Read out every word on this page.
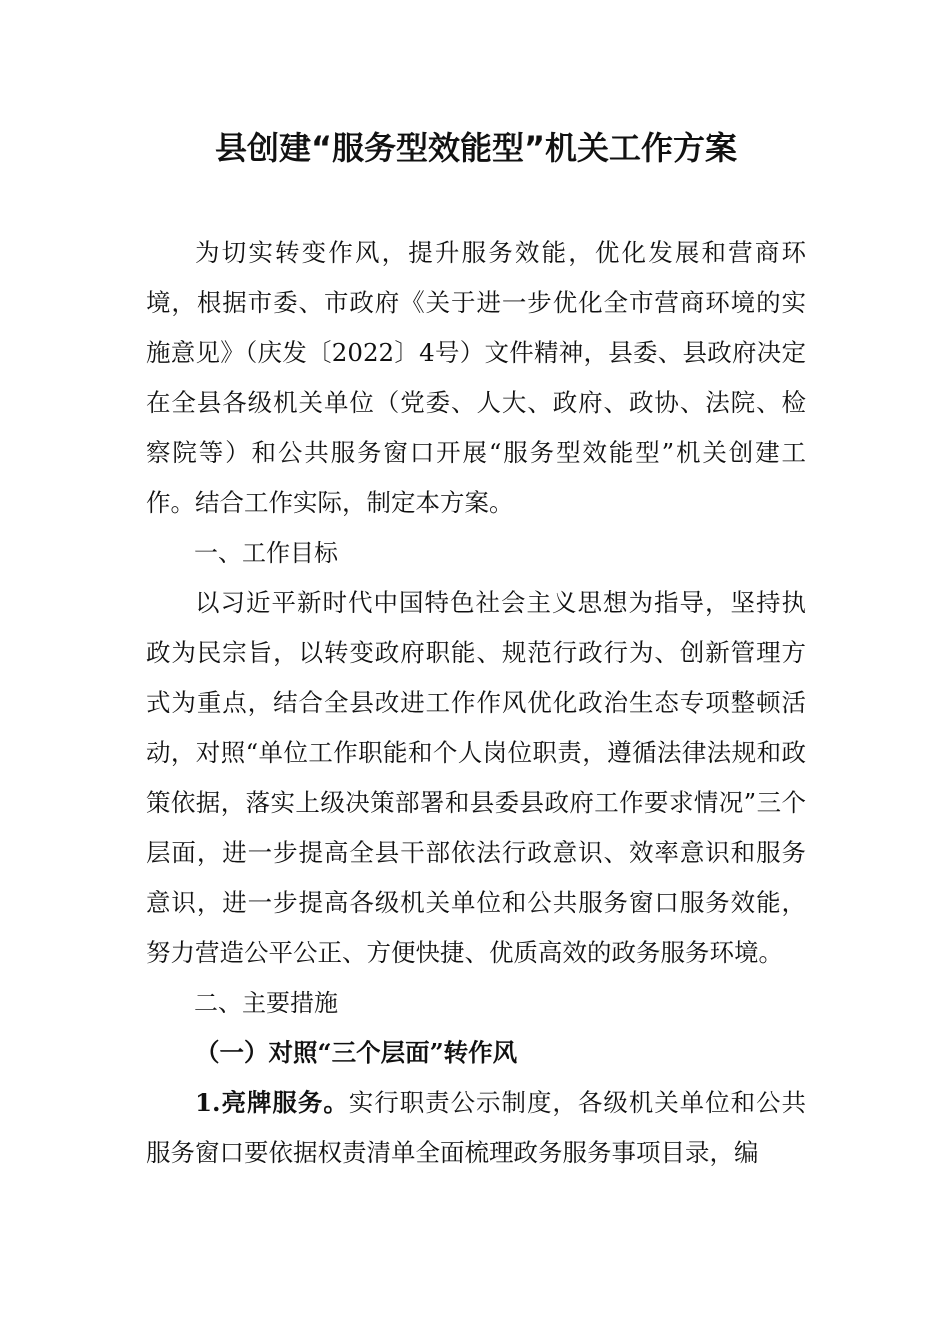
县创建“服务型效能型”机关工作方案

为切实转变作风，提升服务效能，优化发展和营商环境，根据市委、市政府《关于进一步优化全市营商环境的实施意见》（庆发〔2022〕4号）文件精神，县委、县政府决定在全县各级机关单位（党委、人大、政府、政协、法院、检察院等）和公共服务窗口开展“服务型效能型”机关创建工作。结合工作实际，制定本方案。

一、工作目标

以习近平新时代中国特色社会主义思想为指导，坚持执政为民宗旨，以转变政府职能、规范行政行为、创新管理方式为重点，结合全县改进工作作风优化政治生态专项整顿活动，对照“单位工作职能和个人岗位职责，遵循法律法规和政策依据，落实上级决策部署和县委县政府工作要求情况”三个层面，进一步提高全县干部依法行政意识、效率意识和服务意识，进一步提高各级机关单位和公共服务窗口服务效能，努力营造公平公正、方便快捷、优质高效的政务服务环境。

二、主要措施

（一）对照“三个层面”转作风

1.亮牌服务。实行职责公示制度，各级机关单位和公共服务窗口要依据权责清单全面梳理政务服务事项目录，编
